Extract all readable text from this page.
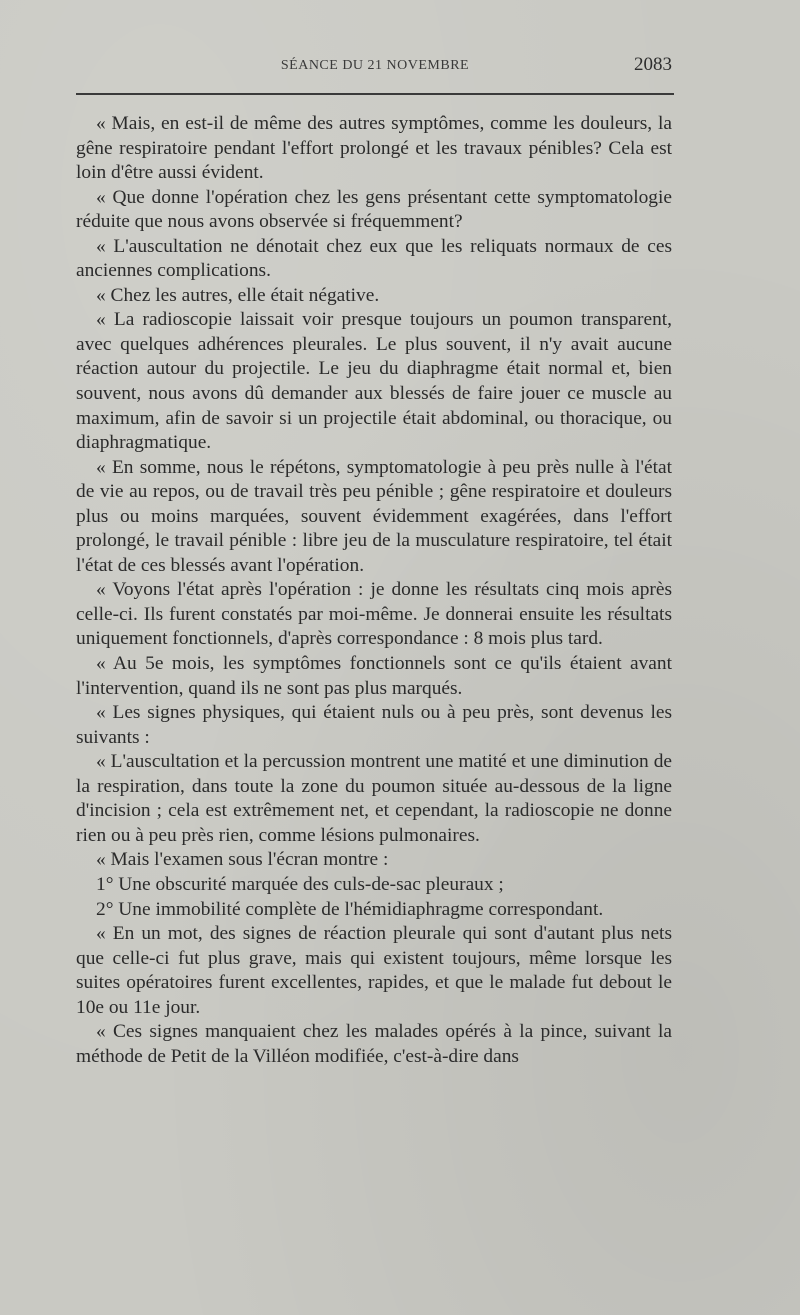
SÉANCE DU 21 NOVEMBRE	2083

« Mais, en est-il de même des autres symptômes, comme les douleurs, la gêne respiratoire pendant l'effort prolongé et les travaux pénibles? Cela est loin d'être aussi évident.

« Que donne l'opération chez les gens présentant cette symptomatologie réduite que nous avons observée si fréquemment?

« L'auscultation ne dénotait chez eux que les reliquats normaux de ces anciennes complications.

« Chez les autres, elle était négative.

« La radioscopie laissait voir presque toujours un poumon transparent, avec quelques adhérences pleurales. Le plus souvent, il n'y avait aucune réaction autour du projectile. Le jeu du diaphragme était normal et, bien souvent, nous avons dû demander aux blessés de faire jouer ce muscle au maximum, afin de savoir si un projectile était abdominal, ou thoracique, ou diaphragmatique.

« En somme, nous le répétons, symptomatologie à peu près nulle à l'état de vie au repos, ou de travail très peu pénible ; gêne respiratoire et douleurs plus ou moins marquées, souvent évidemment exagérées, dans l'effort prolongé, le travail pénible : libre jeu de la musculature respiratoire, tel était l'état de ces blessés avant l'opération.

« Voyons l'état après l'opération : je donne les résultats cinq mois après celle-ci. Ils furent constatés par moi-même. Je donnerai ensuite les résultats uniquement fonctionnels, d'après correspondance : 8 mois plus tard.

« Au 5e mois, les symptômes fonctionnels sont ce qu'ils étaient avant l'intervention, quand ils ne sont pas plus marqués.

« Les signes physiques, qui étaient nuls ou à peu près, sont devenus les suivants :

« L'auscultation et la percussion montrent une matité et une diminution de la respiration, dans toute la zone du poumon située au-dessous de la ligne d'incision ; cela est extrêmement net, et cependant, la radioscopie ne donne rien ou à peu près rien, comme lésions pulmonaires.

« Mais l'examen sous l'écran montre :

1° Une obscurité marquée des culs-de-sac pleuraux ;

2° Une immobilité complète de l'hémidiaphragme correspondant.

« En un mot, des signes de réaction pleurale qui sont d'autant plus nets que celle-ci fut plus grave, mais qui existent toujours, même lorsque les suites opératoires furent excellentes, rapides, et que le malade fut debout le 10e ou 11e jour.

« Ces signes manquaient chez les malades opérés à la pince, suivant la méthode de Petit de la Villéon modifiée, c'est-à-dire dans
